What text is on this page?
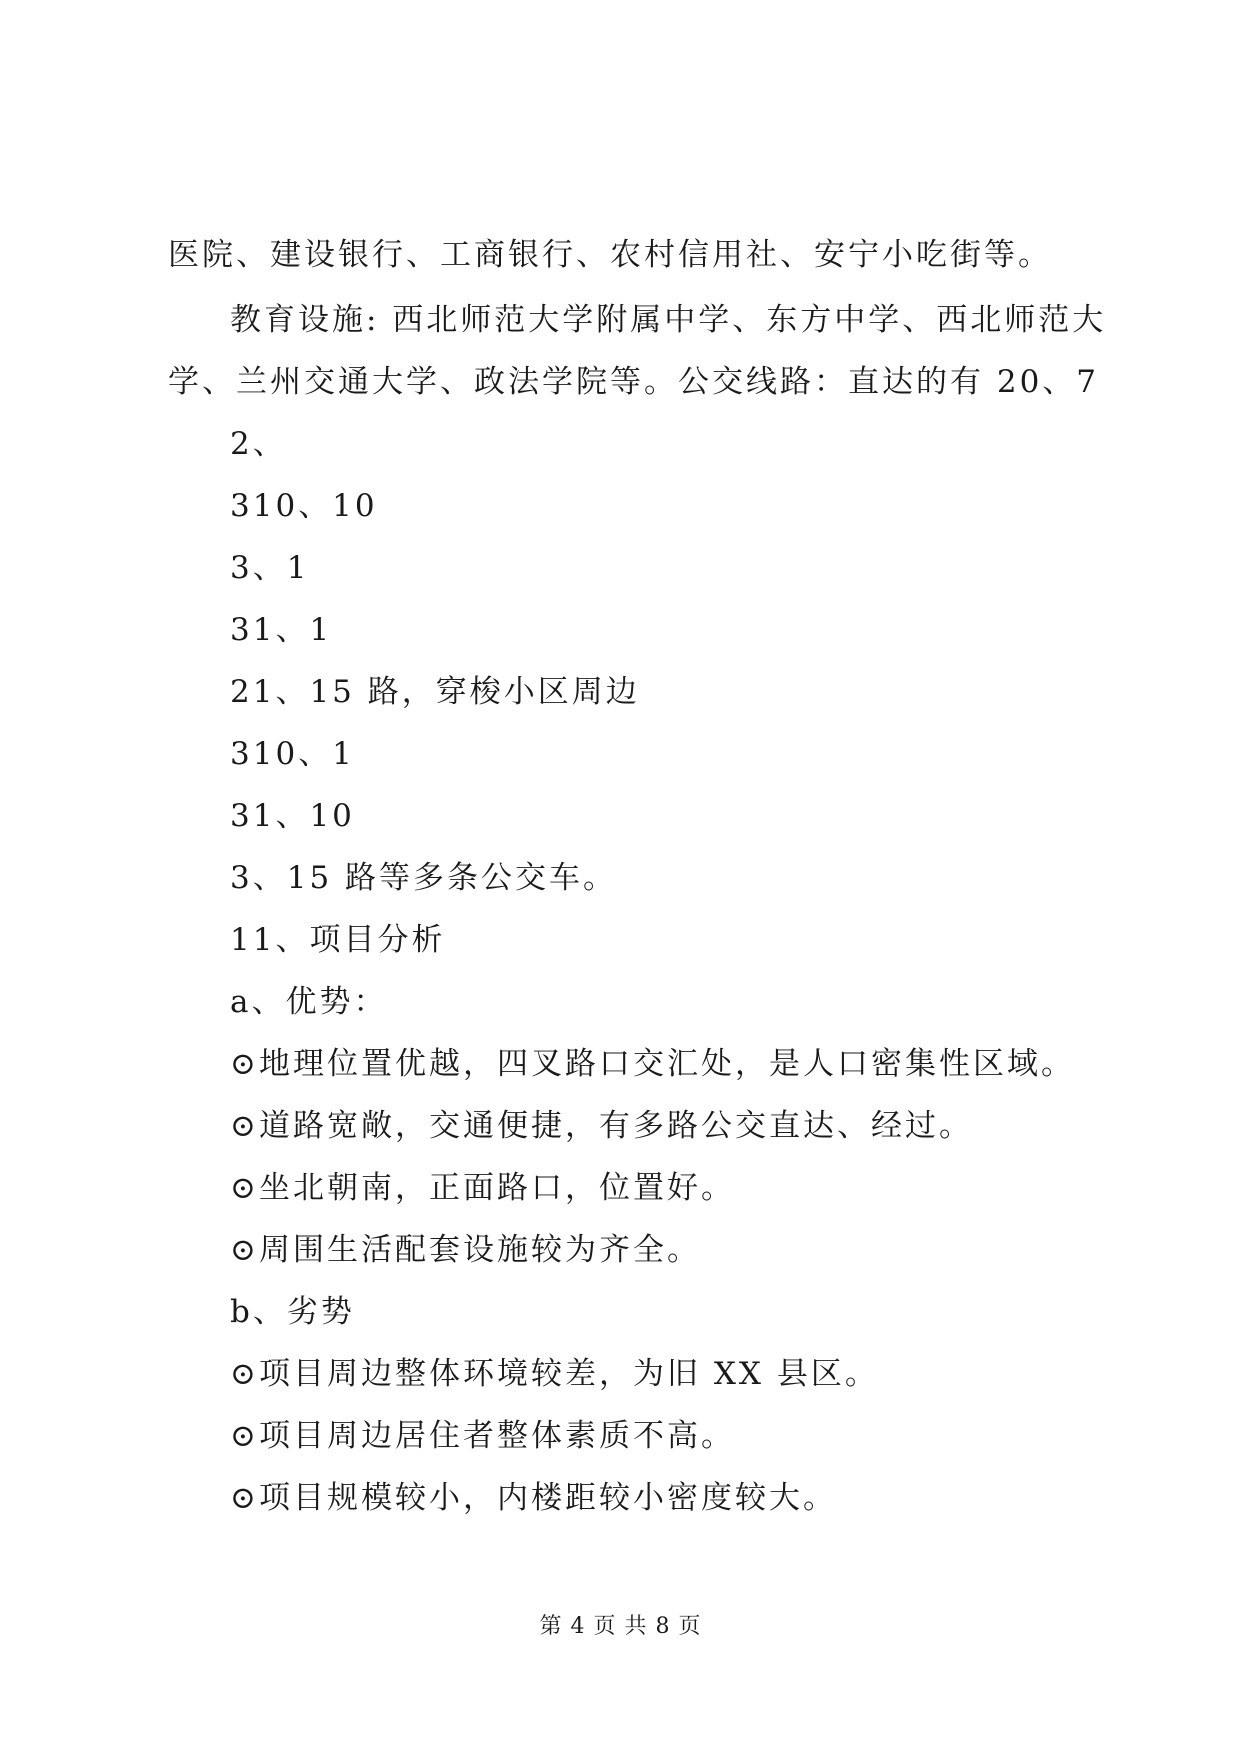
医院、建设银行、工商银行、农村信用社、安宁小吃街等。
教育设施: 西北师范大学附属中学、东方中学、西北师范大
学、兰州交通大学、政法学院等。公交线路：直达的有 20、7
2、
310、10
3、1
31、1
21、15 路，穿梭小区周边
310、1
31、10
3、15 路等多条公交车。
11、项目分析
a、优势：
⊙地理位置优越，四叉路口交汇处，是人口密集性区域。
⊙道路宽敞，交通便捷，有多路公交直达、经过。
⊙坐北朝南，正面路口，位置好。
⊙周围生活配套设施较为齐全。
b、劣势
⊙项目周边整体环境较差，为旧 XX 县区。
⊙项目周边居住者整体素质不高。
⊙项目规模较小，内楼距较小密度较大。
第 4 页 共 8 页
